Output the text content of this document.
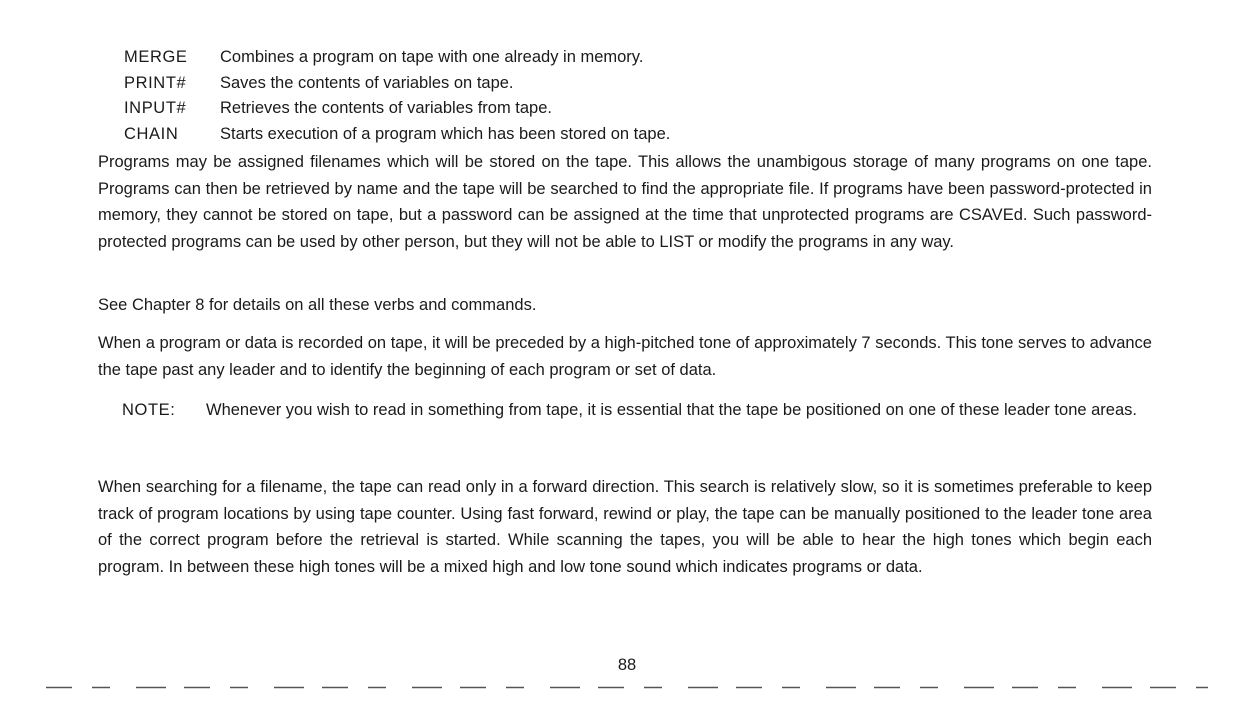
MERGE	Combines a program on tape with one already in memory.
PRINT#	Saves the contents of variables on tape.
INPUT#	Retrieves the contents of variables from tape.
CHAIN	Starts execution of a program which has been stored on tape.

Programs may be assigned filenames which will be stored on the tape. This allows the unambigous storage of many programs on one tape. Programs can then be retrieved by name and the tape will be searched to find the appropriate file. If programs have been password-protected in memory, they cannot be stored on tape, but a password can be assigned at the time that unprotected programs are CSAVEd. Such password-protected programs can be used by other person, but they will not be able to LIST or modify the programs in any way.

See Chapter 8 for details on all these verbs and commands.

When a program or data is recorded on tape, it will be preceded by a high-pitched tone of approximately 7 seconds. This tone serves to advance the tape past any leader and to identify the beginning of each program or set of data.

NOTE:	Whenever you wish to read in something from tape, it is essential that the tape be positioned on one of these leader tone areas.

When searching for a filename, the tape can read only in a forward direction. This search is relatively slow, so it is sometimes preferable to keep track of program locations by using tape counter. Using fast forward, rewind or play, the tape can be manually positioned to the leader tone area of the correct program before the retrieval is started. While scanning the tapes, you will be able to hear the high tones which begin each program. In between these high tones will be a mixed high and low tone sound which indicates programs or data.

88
